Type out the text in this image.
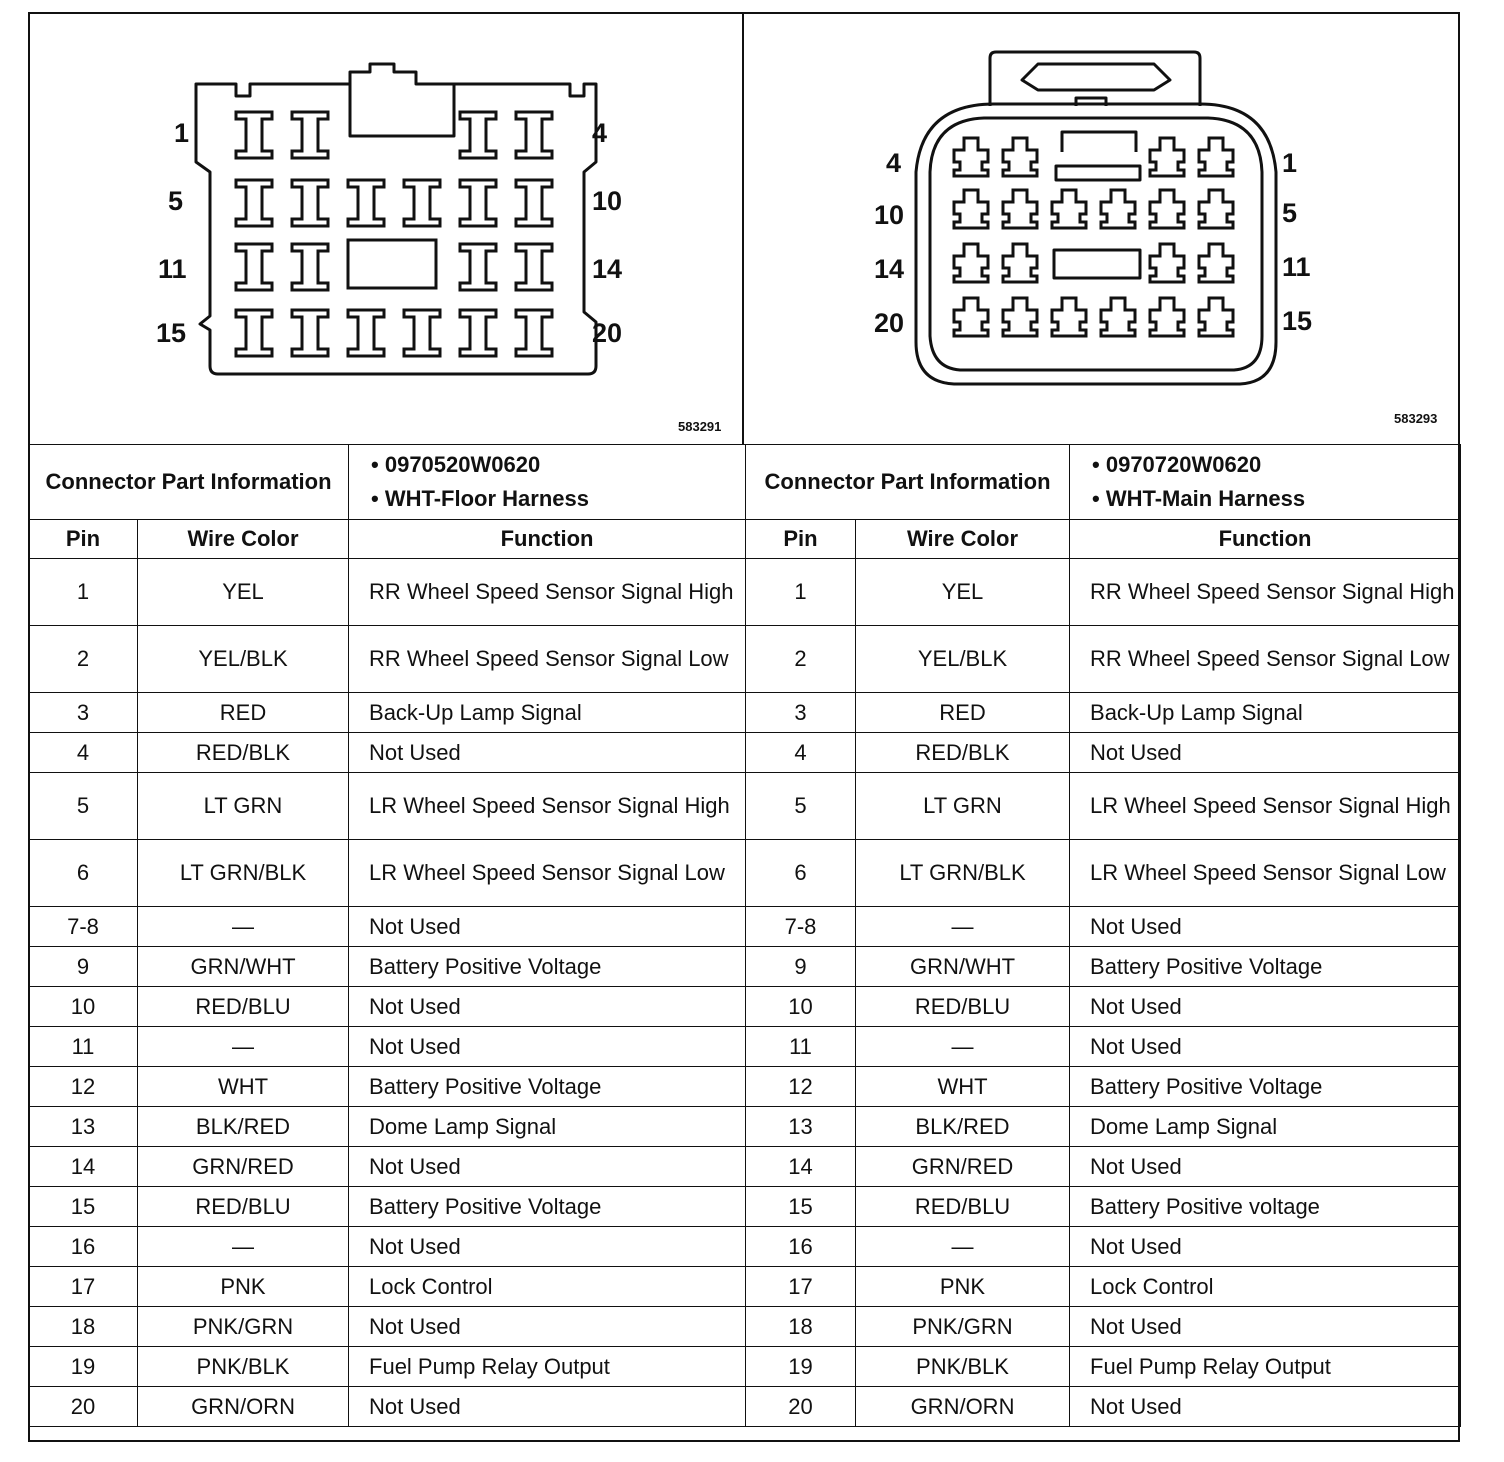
1	4
5	10
11	14
15	20
583291
4	1
10	5
14	11
20	15
583293
Connector Part Information		• 0970520W0620
• WHT-Floor Harness

Pin	Wire Color	Function
1	YEL	RR Wheel Speed Sensor Signal High
2	YEL/BLK	RR Wheel Speed Sensor Signal Low
3	RED	Back-Up Lamp Signal
4	RED/BLK	Not Used
5	LT GRN	LR Wheel Speed Sensor Signal High
6	LT GRN/BLK	LR Wheel Speed Sensor Signal Low
7-8	—	Not Used
9	GRN/WHT	Battery Positive Voltage
10	RED/BLU	Not Used
11	—	Not Used
12	WHT	Battery Positive Voltage
13	BLK/RED	Dome Lamp Signal
14	GRN/RED	Not Used
15	RED/BLU	Battery Positive Voltage
16	—	Not Used
17	PNK	Lock Control
18	PNK/GRN	Not Used
19	PNK/BLK	Fuel Pump Relay Output
20	GRN/ORN	Not Used
Connector Part Information		• 0970720W0620
• WHT-Main Harness

Pin	Wire Color	Function
1	YEL	RR Wheel Speed Sensor Signal High
2	YEL/BLK	RR Wheel Speed Sensor Signal Low
3	RED	Back-Up Lamp Signal
4	RED/BLK	Not Used
5	LT GRN	LR Wheel Speed Sensor Signal High
6	LT GRN/BLK	LR Wheel Speed Sensor Signal Low
7-8	—	Not Used
9	GRN/WHT	Battery Positive Voltage
10	RED/BLU	Not Used
11	—	Not Used
12	WHT	Battery Positive Voltage
13	BLK/RED	Dome Lamp Signal
14	GRN/RED	Not Used
15	RED/BLU	Battery Positive voltage
16	—	Not Used
17	PNK	Lock Control
18	PNK/GRN	Not Used
19	PNK/BLK	Fuel Pump Relay Output
20	GRN/ORN	Not Used
